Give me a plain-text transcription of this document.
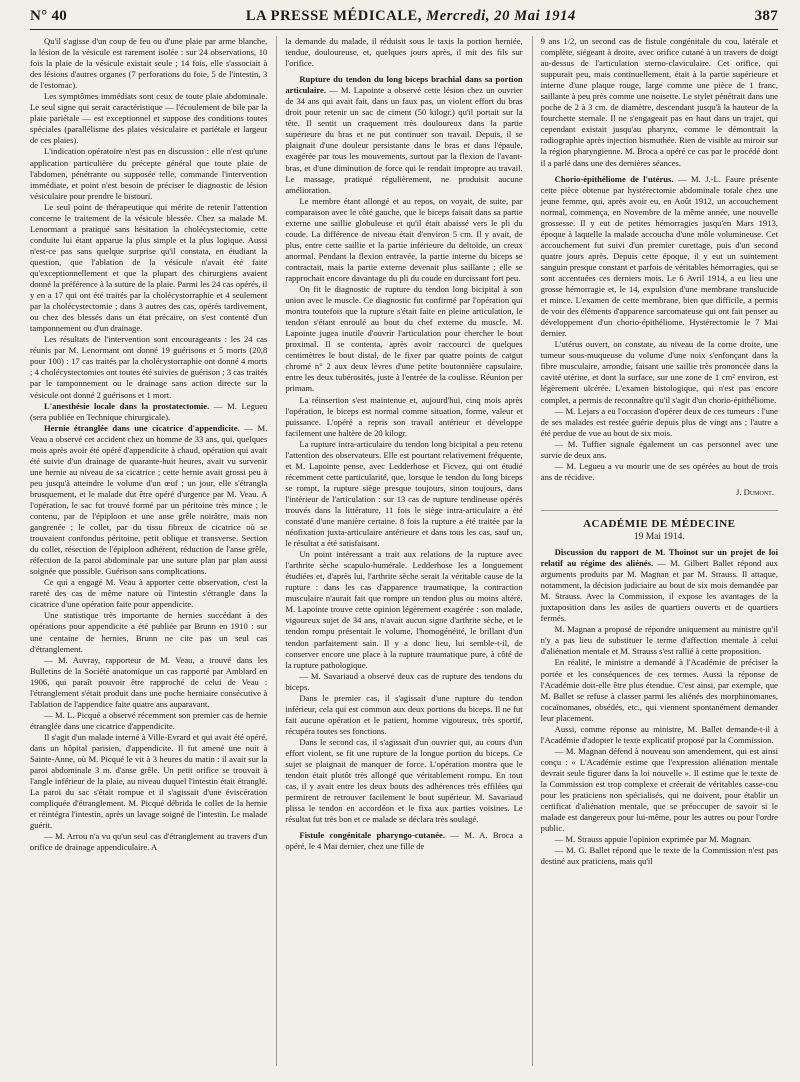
N° 40	LA PRESSE MÉDICALE, Mercredi, 20 Mai 1914	387

Qu'il s'agisse d'un coup de feu ou d'une plaie par arme blanche, la lésion de la vésicule est rarement isolée : sur 24 observations, 10 fois la plaie de la vésicule existait seule ; 14 fois, elle s'associait à des lésions d'autres organes (7 perforations du foie, 5 de l'intestin, 3 de l'estomac).

Les symptômes immédiats sont ceux de toute plaie abdominale. Le seul signe qui serait caractéristique — l'écoulement de bile par la plaie pariétale — est exceptionnel et suppose des conditions toutes spéciales (parallélisme des plaies vésiculaire et pariétale et largeur de ces plaies).

L'indication opératoire n'est pas en discussion : elle n'est qu'une application particulière du précepte général que toute plaie de l'abdomen, pénétrante ou supposée telle, commande l'intervention immédiate, et point n'est besoin de préciser le diagnostic de lésion vésiculaire pour prendre le bistouri.

Le seul point de thérapeutique qui mérite de retenir l'attention concerne le traitement de la vésicule blessée. Chez sa malade M. Lenormant a pratiqué sans hésitation la cholécystectomie, cette conduite lui étant apparue la plus simple et la plus logique. Aussi n'est-ce pas sans quelque surprise qu'il constata, en étudiant la question, que l'ablation de la vésicule n'avait été faite qu'exceptionnellement et que la plupart des chirurgiens avaient donné la préférence à la suture de la plaie. Parmi les 24 cas opérés, il y en a 17 qui ont été traités par la cholécystorraphie et 4 seulement par la cholécystectomie ; dans 3 autres des cas, opérés tardivement, ou chez des blessés dans un état précaire, on s'est contenté d'un tamponnement ou d'un drainage.

Les résultats de l'intervention sont encourageants : les 24 cas réunis par M. Lenormant ont donné 19 guérisons et 5 morts (20,8 pour 100) : 17 cas traités par la cholécystorraphie ont donné 4 morts ; 4 cholécystectomies ont toutes été suivies de guérison ; 3 cas traités par le tamponnement ou le drainage sans action directe sur la vésicule ont donné 2 guérisons et 1 mort.

L'anesthésie locale dans la prostatectomie. — M. Legueu (sera publiée en Technique chirurgicale).

Hernie étranglée dans une cicatrice d'appendicite. — M. Veau a observé cet accident chez un homme de 33 ans, qui, quelques mois après avoir été opéré d'appendicite à chaud, opération qui avait été suivie d'un drainage de quarante-huit heures, avait vu survenir une hernie au niveau de sa cicatrice ; cette hernie avait grossi peu à peu jusqu'à atteindre le volume d'un œuf ; un jour, elle s'étrangla brusquement, et le malade dut être opéré d'urgence par M. Veau. A l'opération, le sac fut trouvé formé par un péritoine très mince ; le contenu, par de l'épiploon et une anse grêle noirâtre, mais non gangrenée ; le collet, par du tissu fibreux de cicatrice où se trouvaient confondus péritoine, petit oblique et transverse. Section du collet, résection de l'épiploon adhérent, réduction de l'anse grêle, réfection de la paroi abdominale par une suture plan par plan aussi soignée que possible. Guérison sans complications.

Ce qui a engagé M. Veau à apporter cette observation, c'est la rareté des cas de même nature où l'intestin s'étrangle dans la cicatrice d'une opération faite pour appendicite.

Une statistique très importante de hernies succédant à des opérations pour appendicite a été publiée par Brunn en 1910 : sur une centaine de hernies, Brunn ne cite pas un seul cas d'étranglement.

— M. Auvray, rapporteur de M. Veau, a trouvé dans les Bulletins de la Société anatomique un cas rapporté par Amblard en 1906, qui paraît pouvoir être rapproché de celui de Veau : l'étranglement s'était produit dans une poche herniaire consécutive à l'ablation de l'appendice faite quatre ans auparavant.

— M. L. Picqué a observé récemment son premier cas de hernie étranglée dans une cicatrice d'appendicite.

Il s'agit d'un malade interné à Ville-Evrard et qui avait été opéré, dans un hôpital parisien, d'appendicite. Il fut amené une nuit à Sainte-Anne, où M. Picqué le vit à 3 heures du matin : il avait sur la paroi abdominale 3 m. d'anse grêle. Un petit orifice se trouvait à l'angle inférieur de la plaie, au niveau duquel l'intestin était étranglé. La paroi du sac s'était rompue et il s'agissait d'une éviscération compliquée d'étranglement. M. Picqué débrida le collet de la hernie et réintégra l'intestin, après un lavage soigné de l'intestin. Le malade guérit.

— M. Arrou n'a vu qu'un seul cas d'étranglement au travers d'un orifice de drainage appendiculaire. A

la demande du malade, il réduisit sous le taxis la portion herniée, tendue, douloureuse, et, quelques jours après, il mit des fils sur l'orifice.

Rupture du tendon du long biceps brachial dans sa portion articulaire. — M. Lapointe a observé cette lésion chez un ouvrier de 34 ans qui avait fait, dans un faux pas, un violent effort du bras droit pour retenir un sac de ciment (50 kilogr.) qu'il portait sur la tête. Il sentit un craquement très douloureux dans la partie supérieure du bras et ne put continuer son travail. Depuis, il se plaignait d'une douleur persistante dans le bras et dans l'épaule, exagérée par tous les mouvements, surtout par la flexion de l'avant-bras, et d'une diminution de force qui le rendait impropre au travail. Le massage, pratiqué régulièrement, ne produisit aucune amélioration.

Le membre étant allongé et au repos, on voyait, de suite, par comparaison avec le côté gauche, que le biceps faisait dans sa partie externe une saillie globuleuse et qu'il était abaissé vers le pli du coude. La différence de niveau était d'environ 5 cm. Il y avait, de plus, entre cette saillie et la partie inférieure du deltoïde, un creux anormal. Pendant la flexion entravée, la partie interne du biceps se contractait, mais la partie externe devenait plus saillante ; elle se rapprochait encore davantage du pli du coude en durcissant fort peu.

On fit le diagnostic de rupture du tendon long bicipital à son union avec le muscle. Ce diagnostic fut confirmé par l'opération qui montra toutefois que la rupture s'était faite en pleine articulation, le tendon s'étant enroulé au bout du chef externe du muscle. M. Lapointe jugea inutile d'ouvrir l'articulation pour chercher le bout proximal. Il se contenta, après avoir raccourci de quelques centimètres le bout distal, de le fixer par quatre points de catgut chromé n° 2 aux deux lèvres d'une petite boutonnière capsulaire, entre les deux tubérosités, juste à l'entrée de la coulisse. Réunion per primam.

La réinsertion s'est maintenue et, aujourd'hui, cinq mois après l'opération, le biceps est normal comme situation, forme, valeur et puissance. L'opéré a repris son travail antérieur et développe facilement une haltère de 20 kilogr.

La rupture intra-articulaire du tendon long bicipital a peu retenu l'attention des observateurs. Elle est pourtant relativement fréquente, et M. Lapointe pense, avec Ledderhose et Ficvez, qui ont étudié récemment cette particularité, que, lorsque le tendon du long biceps se rompt, la rupture siège presque toujours, sinon toujours, dans l'intérieur de l'articulation : sur 13 cas de rupture tendineuse opérés trouvés dans la littérature, 11 fois le siège intra-articulaire a été constaté d'une manière certaine. 8 fois la rupture a été traitée par la néofixation juxta-articulaire antérieure et dans tous les cas, sauf un, le résultat a été satisfaisant.

Un point intéressant a trait aux relations de la rupture avec l'arthrite sèche scapulo-humérale. Ledderhose les a longuement étudiées et, d'après lui, l'arthrite sèche serait la véritable cause de la rupture : dans les cas d'apparence traumatique, la contraction musculaire n'aurait fait que rompre un tendon plus ou moins altéré. M. Lapointe trouve cette opinion légèrement exagérée : son malade, vigoureux sujet de 34 ans, n'avait aucun signe d'arthrite sèche, et le tendon rompu présentait le volume, l'homogénéité, le brillant d'un tendon parfaitement sain. Il y a donc lieu, lui semble-t-il, de conserver encore une place à la rupture traumatique pure, à côté de la rupture pathologique.

— M. Savariaud a observé deux cas de rupture des tendons du biceps.

Dans le premier cas, il s'agissait d'une rupture du tendon inférieur, cela qui est commun aux deux portions du biceps. Il ne fut fait aucune opération et le patient, homme vigoureux, très sportif, récupéra toutes ses fonctions.

Dans le second cas, il s'agissait d'un ouvrier qui, au cours d'un effort violent, se fit une rupture de la longue portion du biceps. Ce sujet se plaignait de manquer de force. L'opération montra que le tendon était plutôt très allongé que véritablement rompu. En tout cas, il y avait entre les deux bouts des adhérences très effilées qui permirent de retrouver facilement le bout supérieur. M. Savariaud plissa le tendon en accordéon et le fixa aux parties voisines. Le résultat fut très bon et ce malade se déclara très soulagé.

Fistule congénitale pharyngo-cutanée. — M. A. Broca a opéré, le 4 Mai dernier, chez une fille de

9 ans 1/2, un second cas de fistule congénitale du cou, latérale et complète, siégeant à droite, avec orifice cutané à un travers de doigt au-dessus de l'articulation sterno-claviculaire. Cet orifice, qui suppurait peu, mais continuellement, était à la partie supérieure et interne d'une plaque rouge, large comme une pièce de 1 franc, saillante à peu près comme une noisette. Le stylet pénétrait dans une poche de 2 à 3 cm. de diamètre, descendant jusqu'à la hauteur de la fourchette sternale. Il ne s'engageait pas en haut dans un trajet, qui cependant existait jusqu'au pharynx, comme le démontrait la radiographie après injection bismuthée. Rien de visible au miroir sur la région pharyngienne. M. Broca a opéré ce cas par le procédé dont il a parlé dans une des dernières séances.

Chorio-épithéliome de l'utérus. — M. J.-L. Faure présente cette pièce obtenue par hystérectomie abdominale totale chez une jeune femme, qui, après avoir eu, en Août 1912, un accouchement normal, commença, en Novembre de la même année, une nouvelle grossesse. Il y eut de petites hémorragies jusqu'en Mars 1913, époque à laquelle la malade accoucha d'une môle volumineuse. Cet accouchement fut suivi d'un premier curettage, puis d'un second quatre jours après. Depuis cette époque, il y eut un suintement sanguin presque constant et parfois de véritables hémorragies, qui se sont accentuées ces derniers mois. Le 6 Avril 1914, a eu lieu une grosse hémorragie et, le 14, expulsion d'une membrane translucide et mince. L'examen de cette membrane, bien que difficile, a permis de voir des éléments d'apparence sarcomateuse qui ont fait penser au développement d'un chorio-épithéliome. Hystérectomie le 7 Mai dernier.

L'utérus ouvert, on constate, au niveau de la corne droite, une tumeur sous-muqueuse du volume d'une noix s'enfonçant dans la fibre musculaire, arrondie, faisant une saillie très prononcée dans la cavité utérine, et dont la surface, sur une zone de 1 cm² environ, est légèrement ulcérée. L'examen histologique, qui n'est pas encore complet, a permis de reconnaître qu'il s'agit d'un chorio-épithéliome.

— M. Lejars a eu l'occasion d'opérer deux de ces tumeurs : l'une de ses malades est restée guérie depuis plus de vingt ans ; l'autre a été perdue de vue au bout de six mois.

— M. Tuffier signale également un cas personnel avec une survie de deux ans.

— M. Legueu a vu mourir une de ses opérées au bout de trois ans de récidive.

J. Dumont.
ACADÉMIE DE MÉDECINE
19 Mai 1914.

Discussion du rapport de M. Thoinot sur un projet de loi relatif au régime des aliénés. — M. Gilbert Ballet répond aux arguments produits par M. Magnan et par M. Strauss. Il attaque, notamment, la décision judiciaire au bout de six mois demandée par M. Strauss. Avec la Commission, il expose les avantages de la juxtaposition dans les asiles de quartiers ouverts et de quartiers fermés.

M. Magnan a proposé de répondre uniquement au ministre qu'il n'y a pas lieu de substituer le terme d'affection mentale à celui d'aliénation mentale et M. Strauss s'est rallié à cette proposition.

En réalité, le ministre a demandé à l'Académie de préciser la portée et les conséquences de ces termes. Aussi la réponse de l'Académie doit-elle être plus étendue. C'est ainsi, par exemple, que M. Ballet se refuse à classer parmi les aliénés des morphinomanes, cocaïnomanes, obsédés, etc., qui viennent spontanément demander leur placement.

Aussi, comme réponse au ministre, M. Ballet demande-t-il à l'Académie d'adopter le texte explicatif proposé par la Commission.

— M. Magnan défend à nouveau son amendement, qui est ainsi conçu : « L'Académie estime que l'expression aliénation mentale devrait seule figurer dans la loi nouvelle ». Il estime que le texte de la Commission est trop complexe et créerait de véritables casse-cou pour les praticiens non spécialisés, qui ne doivent, pour établir un certificat d'aliénation mentale, que se préoccuper de savoir si le malade est dangereux pour lui-même, pour les autres ou pour l'ordre public.

— M. Strauss appuie l'opinion exprimée par M. Magnan.

— M. G. Ballet répond que le texte de la Commission n'est pas destiné aux praticiens, mais qu'il
